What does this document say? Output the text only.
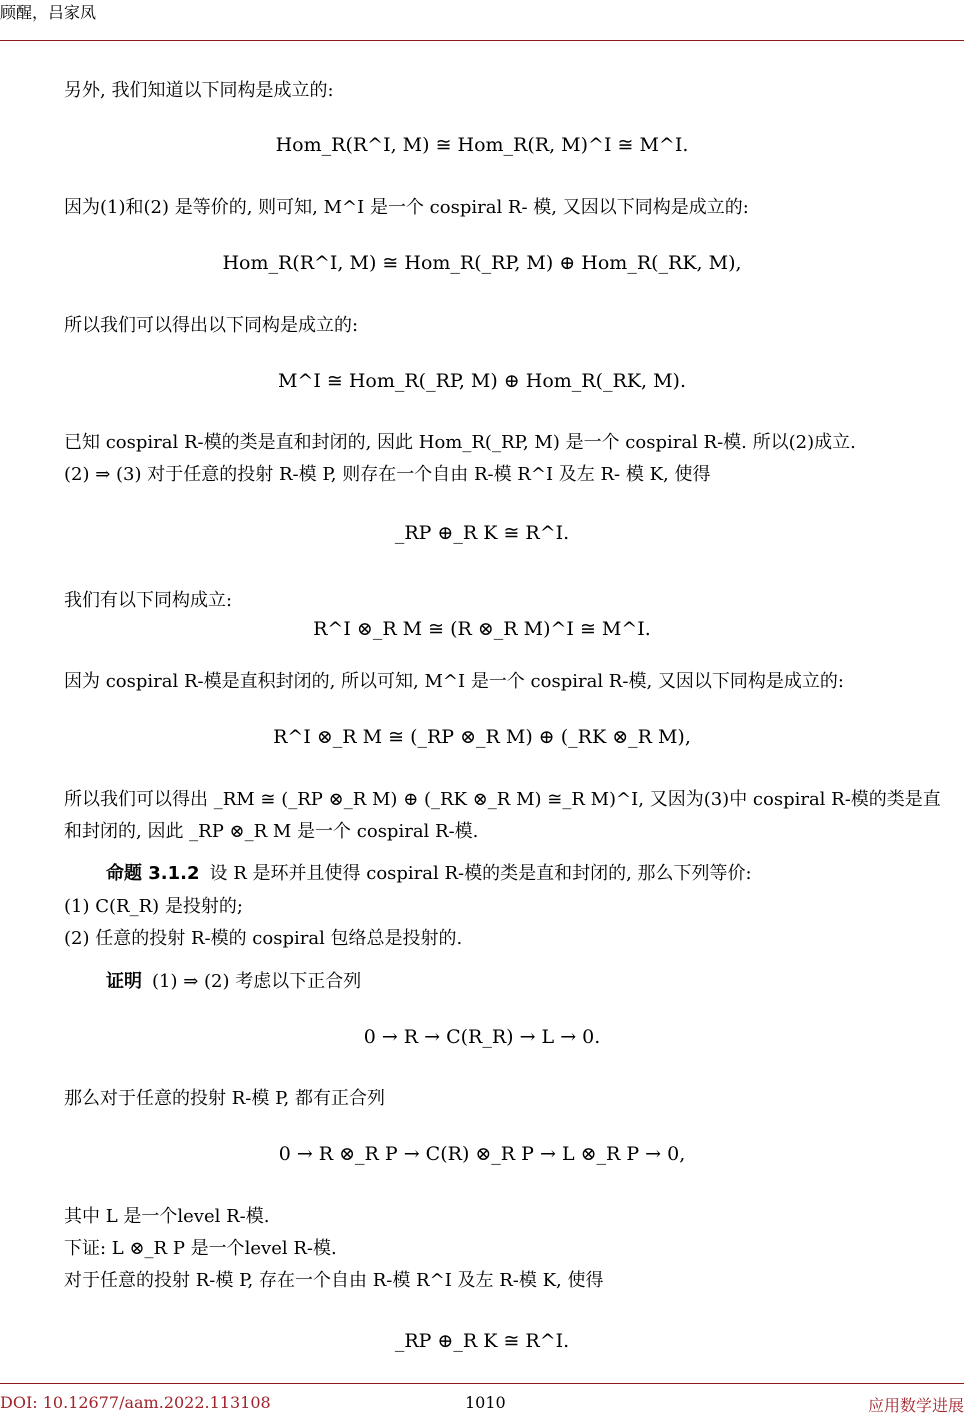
顾醒，吕家凤
另外, 我们知道以下同构是成立的:
Hom_R(R^I, M) ≅ Hom_R(R, M)^I ≅ M^I.
因为(1)和(2) 是等价的, 则可知, M^I 是一个 cospiral R- 模, 又因以下同构是成立的:
Hom_R(R^I, M) ≅ Hom_R(_RP, M) ⊕ Hom_R(_RK, M),
所以我们可以得出以下同构是成立的:
M^I ≅ Hom_R(_RP, M) ⊕ Hom_R(_RK, M).
已知 cospiral R-模的类是直和封闭的, 因此 Hom_R(_RP, M) 是一个 cospiral R-模. 所以(2)成立.
(2) ⇒ (3) 对于任意的投射 R-模 P, 则存在一个自由 R-模 R^I 及左 R- 模 K, 使得
_RP ⊕_R K ≅ R^I.
我们有以下同构成立:
R^I ⊗_R M ≅ (R ⊗_R M)^I ≅ M^I.
因为 cospiral R-模是直积封闭的, 所以可知, M^I 是一个 cospiral R-模, 又因以下同构是成立的:
R^I ⊗_R M ≅ (_RP ⊗_R M) ⊕ (_RK ⊗_R M),
所以我们可以得出 _RM ≅ (_RP ⊗_R M) ⊕ (_RK ⊗_R M) ≅_R M)^I, 又因为(3)中 cospiral R-模的类是直
和封闭的, 因此 _RP ⊗_R M 是一个 cospiral R-模.
命题 3.1.2 设 R 是环并且使得 cospiral R-模的类是直和封闭的, 那么下列等价:
(1) C(R_R) 是投射的;
(2) 任意的投射 R-模的 cospiral 包络总是投射的.
证明 (1) ⇒ (2) 考虑以下正合列
0 → R → C(R_R) → L → 0.
那么对于任意的投射 R-模 P, 都有正合列
0 → R ⊗_R P → C(R) ⊗_R P → L ⊗_R P → 0,
其中 L 是一个level R-模.
下证: L ⊗_R P 是一个level R-模.
对于任意的投射 R-模 P, 存在一个自由 R-模 R^I 及左 R-模 K, 使得
_RP ⊕_R K ≅ R^I.
DOI: 10.12677/aam.2022.113108	1010	应用数学进展
